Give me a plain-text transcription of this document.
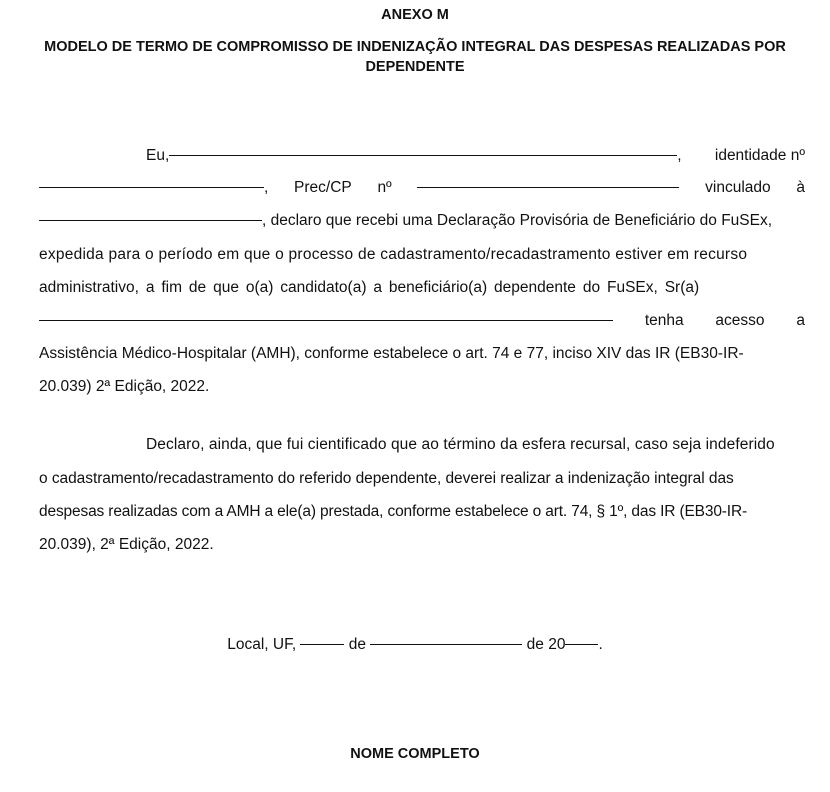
ANEXO M

MODELO DE TERMO DE COMPROMISSO DE INDENIZAÇÃO INTEGRAL DAS DESPESAS REALIZADAS POR
DEPENDENTE
Eu,	, identidade nº
, Prec/CP nº	vinculado à
, declaro que recebi uma Declaração Provisória de Beneficiário do FuSEx,
expedida para o período em que o processo de cadastramento/recadastramento estiver em recurso
administrativo, a fim de que o(a) candidato(a) a beneficiário(a) dependente do FuSEx, Sr(a)
tenha acesso a
Assistência Médico-Hospitalar (AMH), conforme estabelece o art. 74 e 77, inciso XIV das IR (EB30-IR-
20.039) 2ª Edição, 2022.
Declaro, ainda, que fui cientificado que ao término da esfera recursal, caso seja indeferido
o cadastramento/recadastramento do referido dependente, deverei realizar a indenização integral das
despesas realizadas com a AMH a ele(a) prestada, conforme estabelece o art. 74, § 1º, das IR (EB30-IR-
20.039), 2ª Edição, 2022.
Local, UF,	de	de 20 .
NOME COMPLETO
